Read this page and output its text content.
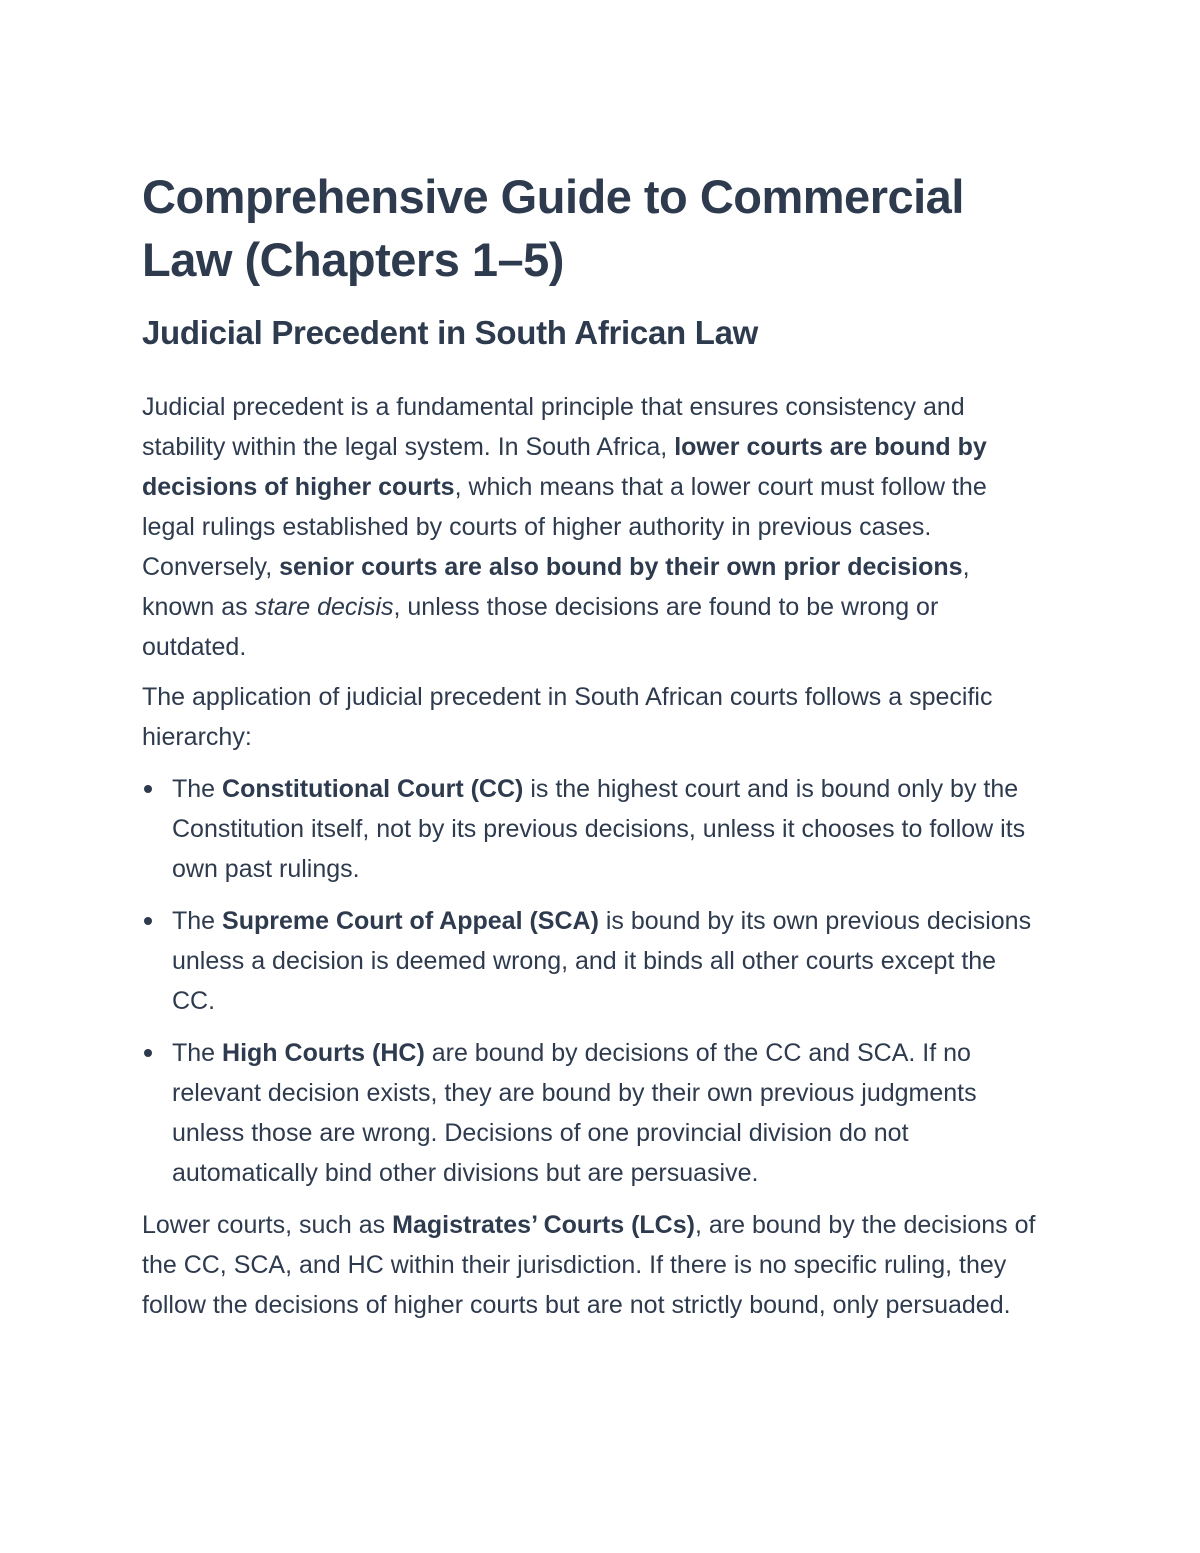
Comprehensive Guide to Commercial Law (Chapters 1–5)
Judicial Precedent in South African Law

Judicial precedent is a fundamental principle that ensures consistency and stability within the legal system. In South Africa, lower courts are bound by decisions of higher courts, which means that a lower court must follow the legal rulings established by courts of higher authority in previous cases. Conversely, senior courts are also bound by their own prior decisions, known as stare decisis, unless those decisions are found to be wrong or outdated.

The application of judicial precedent in South African courts follows a specific hierarchy:

The Constitutional Court (CC) is the highest court and is bound only by the Constitution itself, not by its previous decisions, unless it chooses to follow its own past rulings.
The Supreme Court of Appeal (SCA) is bound by its own previous decisions unless a decision is deemed wrong, and it binds all other courts except the CC.
The High Courts (HC) are bound by decisions of the CC and SCA. If no relevant decision exists, they are bound by their own previous judgments unless those are wrong. Decisions of one provincial division do not automatically bind other divisions but are persuasive.

Lower courts, such as Magistrates’ Courts (LCs), are bound by the decisions of the CC, SCA, and HC within their jurisdiction. If there is no specific ruling, they follow the decisions of higher courts but are not strictly bound, only persuaded.
